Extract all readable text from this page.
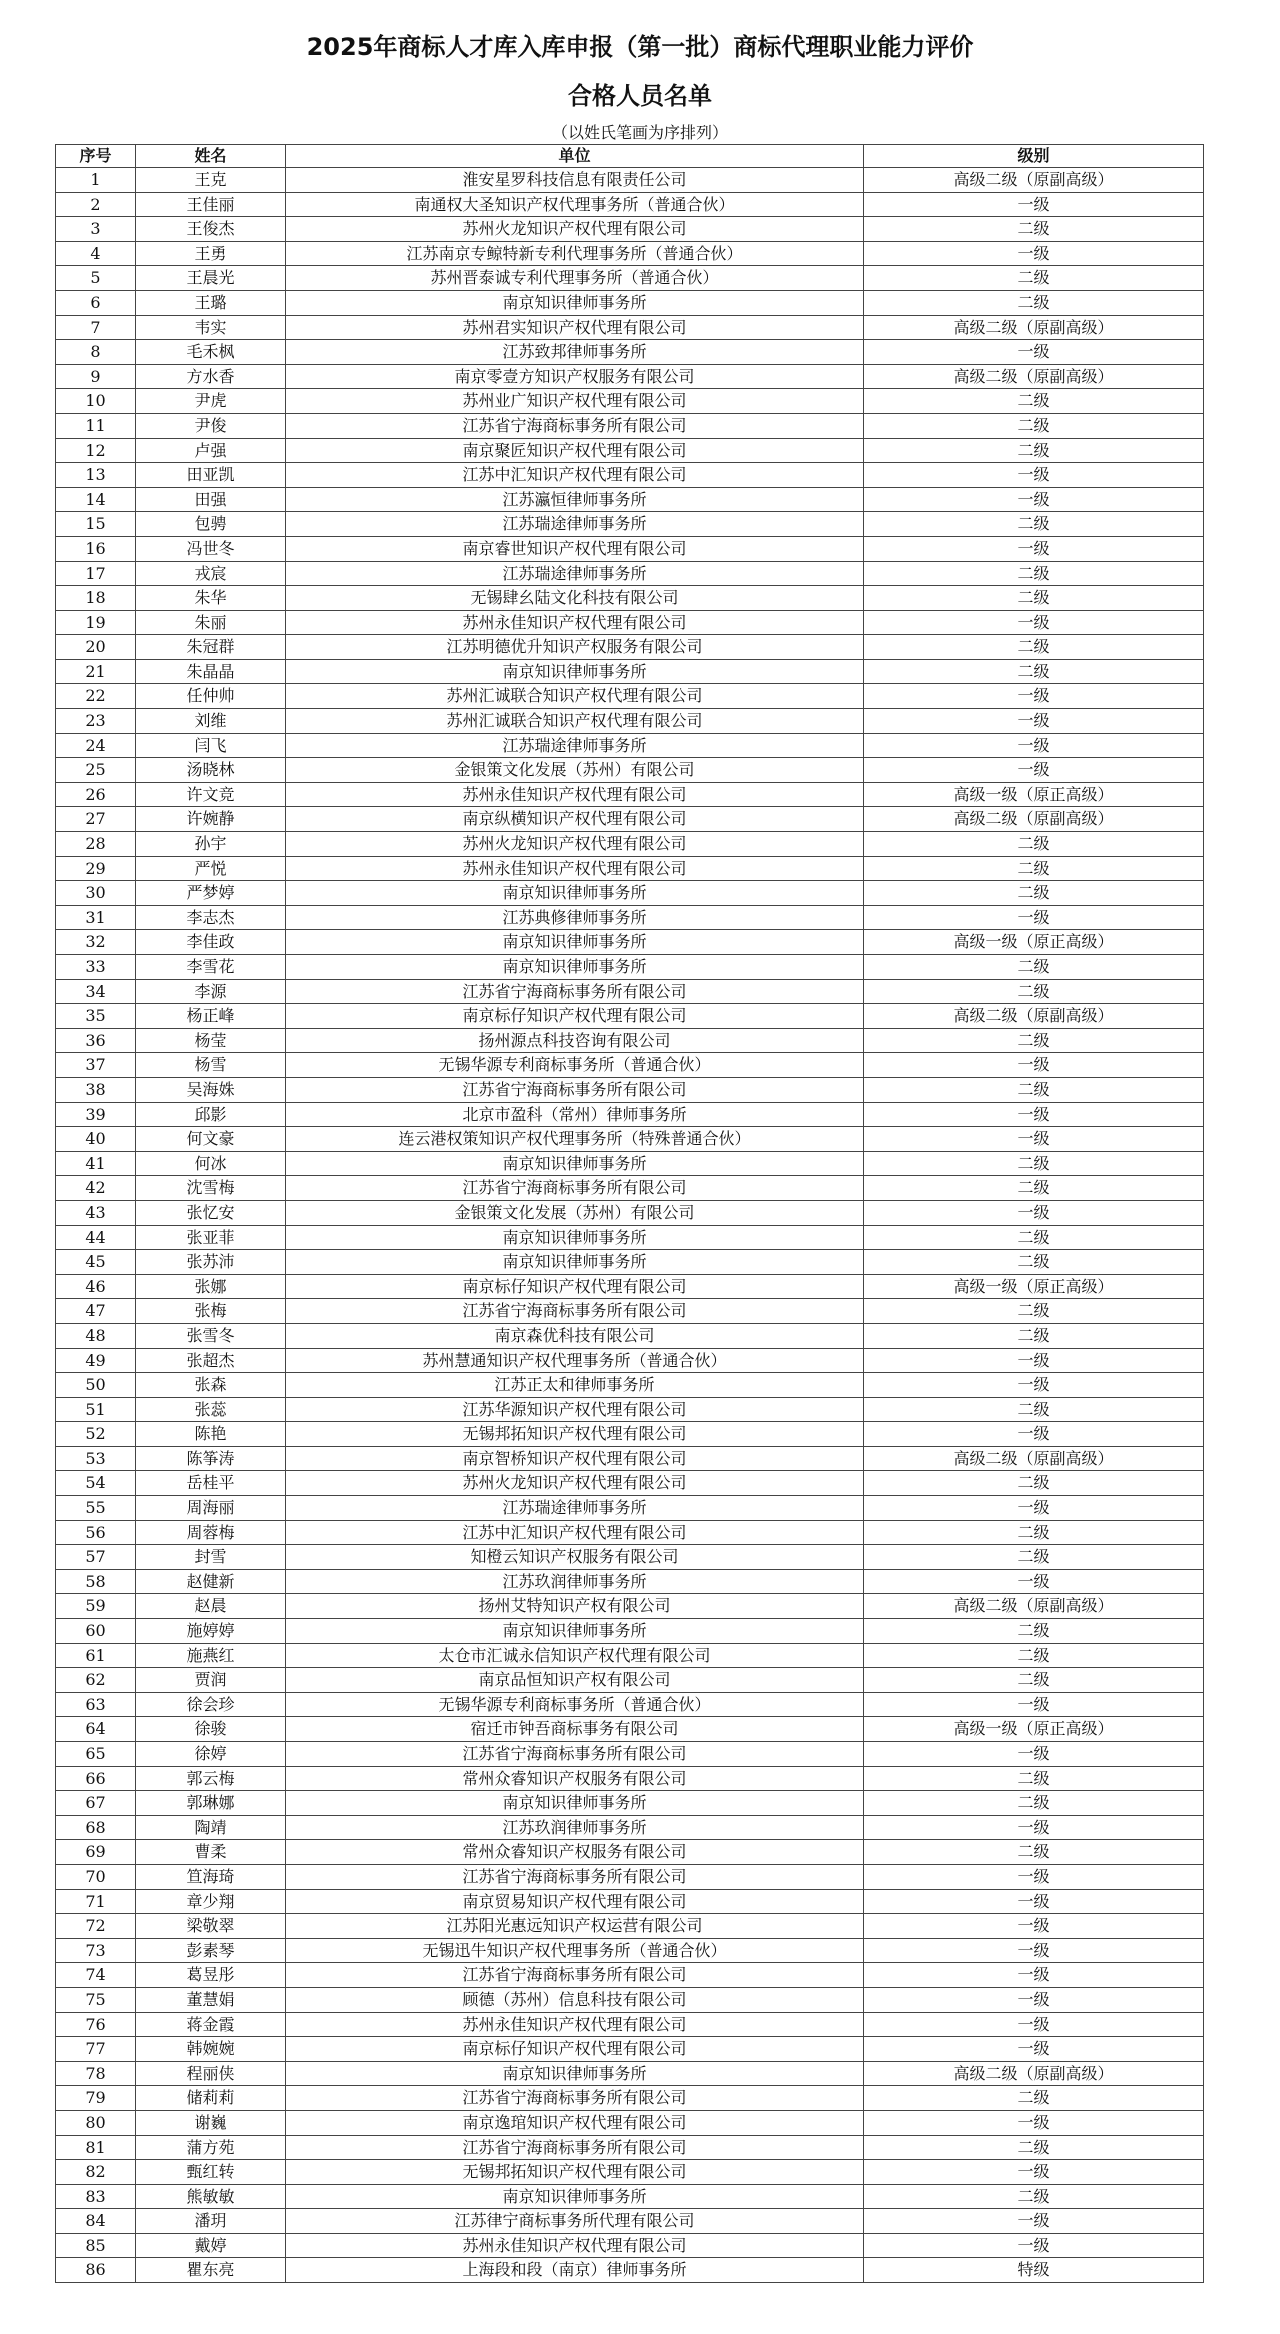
2025年商标人才库入库申报（第一批）商标代理职业能力评价
合格人员名单
（以姓氏笔画为序排列）
序号	姓名	单位	级别
1	王克	淮安星罗科技信息有限责任公司	高级二级（原副高级）
2	王佳丽	南通权大圣知识产权代理事务所（普通合伙）	一级
3	王俊杰	苏州火龙知识产权代理有限公司	二级
4	王勇	江苏南京专鲸特新专利代理事务所（普通合伙）	一级
5	王晨光	苏州晋泰诚专利代理事务所（普通合伙）	二级
6	王璐	南京知识律师事务所	二级
7	韦实	苏州君实知识产权代理有限公司	高级二级（原副高级）
8	毛禾枫	江苏致邦律师事务所	一级
9	方水香	南京零壹方知识产权服务有限公司	高级二级（原副高级）
10	尹虎	苏州业广知识产权代理有限公司	二级
11	尹俊	江苏省宁海商标事务所有限公司	二级
12	卢强	南京聚匠知识产权代理有限公司	二级
13	田亚凯	江苏中汇知识产权代理有限公司	一级
14	田强	江苏瀛恒律师事务所	一级
15	包骋	江苏瑞途律师事务所	二级
16	冯世冬	南京睿世知识产权代理有限公司	一级
17	戎宸	江苏瑞途律师事务所	二级
18	朱华	无锡肆幺陆文化科技有限公司	二级
19	朱丽	苏州永佳知识产权代理有限公司	一级
20	朱冠群	江苏明德优升知识产权服务有限公司	二级
21	朱晶晶	南京知识律师事务所	二级
22	任仲帅	苏州汇诚联合知识产权代理有限公司	一级
23	刘维	苏州汇诚联合知识产权代理有限公司	一级
24	闫飞	江苏瑞途律师事务所	一级
25	汤晓林	金银策文化发展（苏州）有限公司	一级
26	许文竞	苏州永佳知识产权代理有限公司	高级一级（原正高级）
27	许婉静	南京纵横知识产权代理有限公司	高级二级（原副高级）
28	孙宇	苏州火龙知识产权代理有限公司	二级
29	严悦	苏州永佳知识产权代理有限公司	二级
30	严梦婷	南京知识律师事务所	二级
31	李志杰	江苏典修律师事务所	一级
32	李佳政	南京知识律师事务所	高级一级（原正高级）
33	李雪花	南京知识律师事务所	二级
34	李源	江苏省宁海商标事务所有限公司	二级
35	杨正峰	南京标仔知识产权代理有限公司	高级二级（原副高级）
36	杨莹	扬州源点科技咨询有限公司	二级
37	杨雪	无锡华源专利商标事务所（普通合伙）	一级
38	吴海姝	江苏省宁海商标事务所有限公司	二级
39	邱影	北京市盈科（常州）律师事务所	一级
40	何文豪	连云港权策知识产权代理事务所（特殊普通合伙）	一级
41	何冰	南京知识律师事务所	二级
42	沈雪梅	江苏省宁海商标事务所有限公司	二级
43	张忆安	金银策文化发展（苏州）有限公司	一级
44	张亚菲	南京知识律师事务所	二级
45	张苏沛	南京知识律师事务所	二级
46	张娜	南京标仔知识产权代理有限公司	高级一级（原正高级）
47	张梅	江苏省宁海商标事务所有限公司	二级
48	张雪冬	南京森优科技有限公司	二级
49	张超杰	苏州慧通知识产权代理事务所（普通合伙）	一级
50	张森	江苏正太和律师事务所	一级
51	张蕊	江苏华源知识产权代理有限公司	二级
52	陈艳	无锡邦拓知识产权代理有限公司	一级
53	陈筝涛	南京智桥知识产权代理有限公司	高级二级（原副高级）
54	岳桂平	苏州火龙知识产权代理有限公司	二级
55	周海丽	江苏瑞途律师事务所	一级
56	周蓉梅	江苏中汇知识产权代理有限公司	二级
57	封雪	知橙云知识产权服务有限公司	二级
58	赵健新	江苏玖润律师事务所	一级
59	赵晨	扬州艾特知识产权有限公司	高级二级（原副高级）
60	施婷婷	南京知识律师事务所	二级
61	施燕红	太仓市汇诚永信知识产权代理有限公司	二级
62	贾润	南京品恒知识产权有限公司	二级
63	徐会珍	无锡华源专利商标事务所（普通合伙）	一级
64	徐骏	宿迁市钟吾商标事务有限公司	高级一级（原正高级）
65	徐婷	江苏省宁海商标事务所有限公司	一级
66	郭云梅	常州众睿知识产权服务有限公司	二级
67	郭琳娜	南京知识律师事务所	二级
68	陶靖	江苏玖润律师事务所	一级
69	曹柔	常州众睿知识产权服务有限公司	二级
70	笪海琦	江苏省宁海商标事务所有限公司	一级
71	章少翔	南京贸易知识产权代理有限公司	一级
72	梁敬翠	江苏阳光惠远知识产权运营有限公司	一级
73	彭素琴	无锡迅牛知识产权代理事务所（普通合伙）	一级
74	葛昱彤	江苏省宁海商标事务所有限公司	一级
75	董慧娟	顾德（苏州）信息科技有限公司	一级
76	蒋金霞	苏州永佳知识产权代理有限公司	一级
77	韩婉婉	南京标仔知识产权代理有限公司	一级
78	程丽侠	南京知识律师事务所	高级二级（原副高级）
79	储莉莉	江苏省宁海商标事务所有限公司	二级
80	谢巍	南京逸琯知识产权代理有限公司	一级
81	蒲方苑	江苏省宁海商标事务所有限公司	二级
82	甄红转	无锡邦拓知识产权代理有限公司	一级
83	熊敏敏	南京知识律师事务所	二级
84	潘玥	江苏律宁商标事务所代理有限公司	一级
85	戴婷	苏州永佳知识产权代理有限公司	一级
86	瞿东亮	上海段和段（南京）律师事务所	特级
